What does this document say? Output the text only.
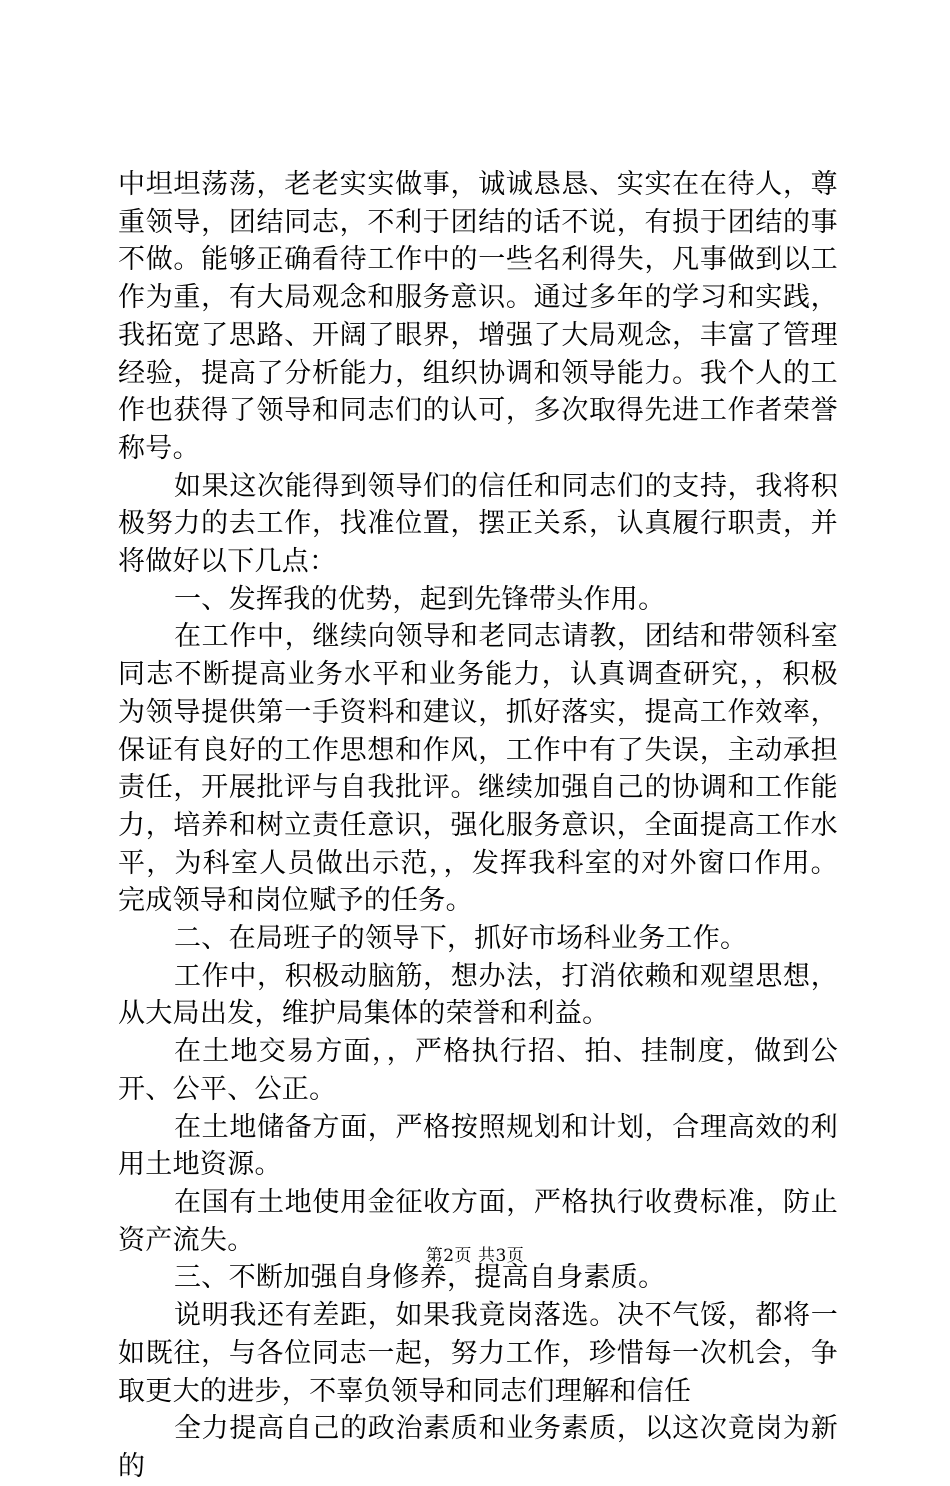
中坦坦荡荡，老老实实做事，诚诚恳恳、实实在在待人，尊重领导，团结同志，不利于团结的话不说，有损于团结的事不做。能够正确看待工作中的一些名利得失，凡事做到以工作为重，有大局观念和服务意识。通过多年的学习和实践，我拓宽了思路、开阔了眼界，增强了大局观念，丰富了管理经验，提高了分析能力，组织协调和领导能力。我个人的工作也获得了领导和同志们的认可，多次取得先进工作者荣誉称号。

如果这次能得到领导们的信任和同志们的支持，我将积极努力的去工作，找准位置，摆正关系，认真履行职责，并将做好以下几点：

一、发挥我的优势，起到先锋带头作用。

在工作中，继续向领导和老同志请教，团结和带领科室同志不断提高业务水平和业务能力，认真调查研究，，积极为领导提供第一手资料和建议，抓好落实，提高工作效率，保证有良好的工作思想和作风，工作中有了失误，主动承担责任，开展批评与自我批评。继续加强自己的协调和工作能力，培养和树立责任意识，强化服务意识，全面提高工作水平，为科室人员做出示范，，发挥我科室的对外窗口作用。完成领导和岗位赋予的任务。

二、在局班子的领导下，抓好市场科业务工作。

工作中，积极动脑筋，想办法，打消依赖和观望思想，从大局出发，维护局集体的荣誉和利益。

在土地交易方面，，严格执行招、拍、挂制度，做到公开、公平、公正。

在土地储备方面，严格按照规划和计划，合理高效的利用土地资源。

在国有土地使用金征收方面，严格执行收费标准，防止资产流失。

三、不断加强自身修养，提高自身素质。

说明我还有差距，如果我竟岗落选。决不气馁，都将一如既往，与各位同志一起，努力工作，珍惜每一次机会，争取更大的进步，不辜负领导和同志们理解和信任

全力提高自己的政治素质和业务素质，以这次竟岗为新的

第2页 共3页
